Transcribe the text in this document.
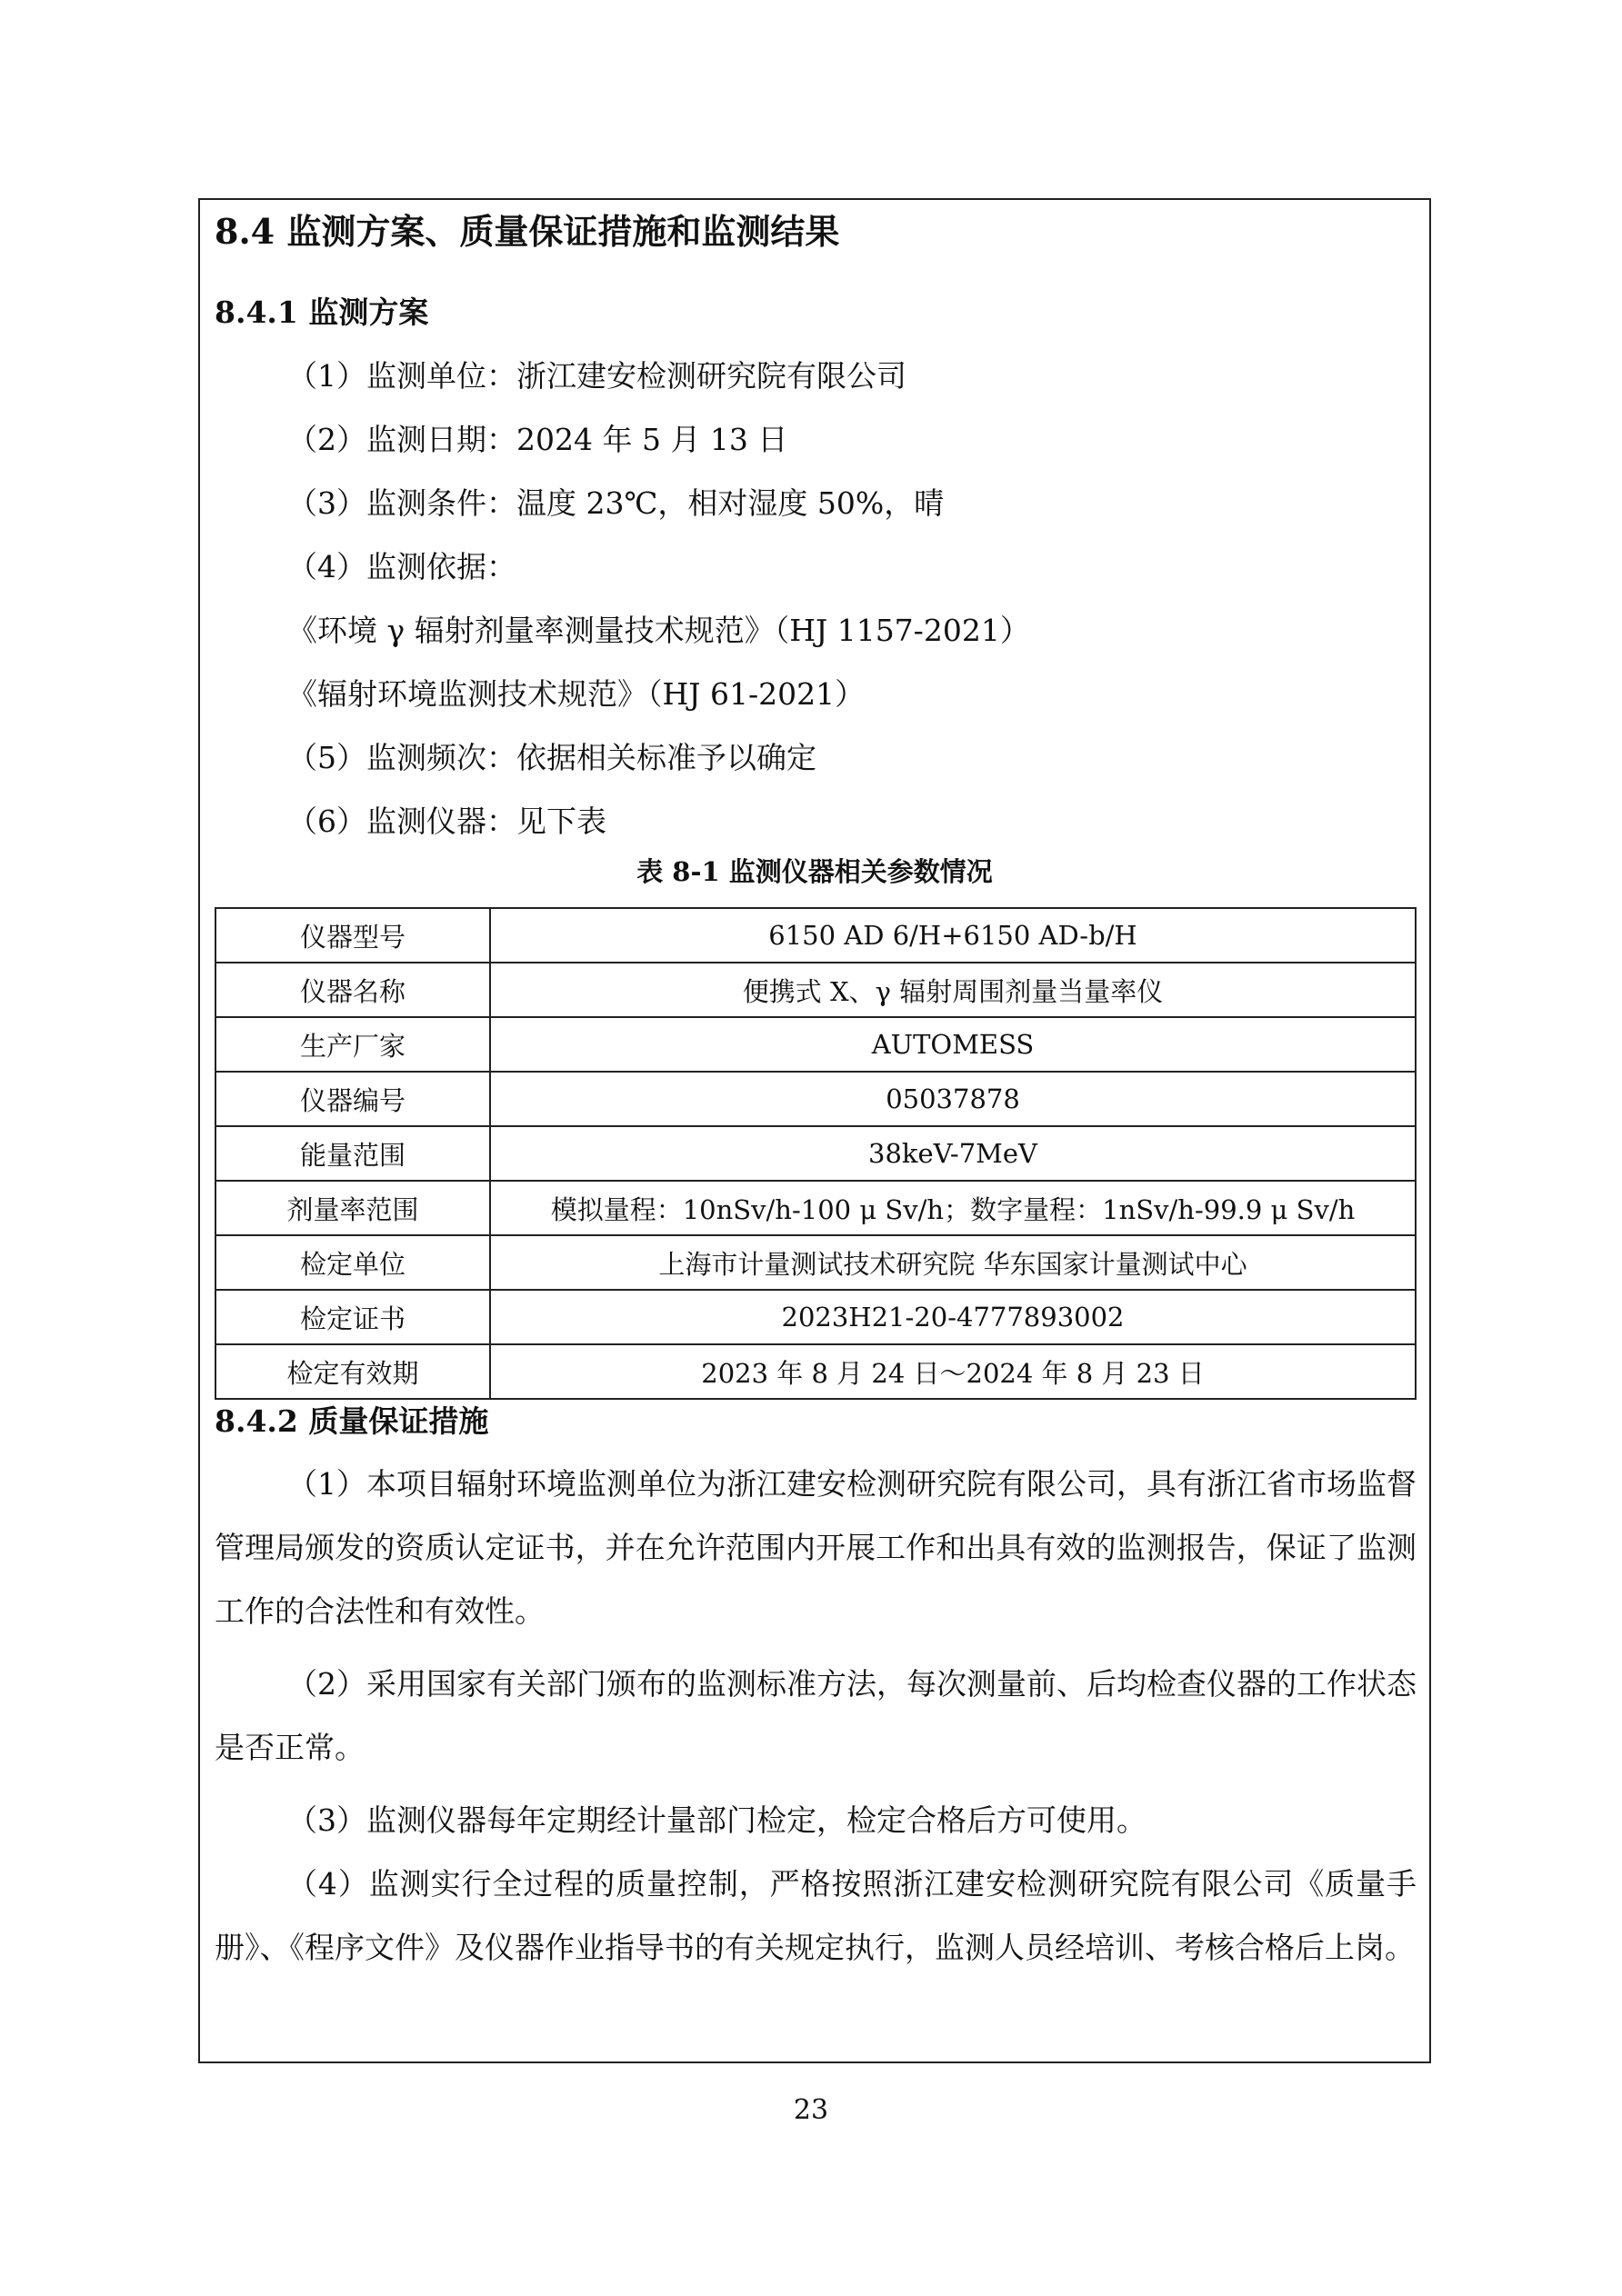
8.4 监测方案、质量保证措施和监测结果
8.4.1 监测方案
（1）监测单位：浙江建安检测研究院有限公司
（2）监测日期：2024 年 5 月 13 日
（3）监测条件：温度 23℃，相对湿度 50%，晴
（4）监测依据：
《环境 γ 辐射剂量率测量技术规范》（HJ 1157-2021）
《辐射环境监测技术规范》（HJ 61-2021）
（5）监测频次：依据相关标准予以确定
（6）监测仪器：见下表
表 8-1 监测仪器相关参数情况
仪器型号	6150 AD 6/H+6150 AD-b/H
仪器名称	便携式 X、γ 辐射周围剂量当量率仪
生产厂家	AUTOMESS
仪器编号	05037878
能量范围	38keV-7MeV
剂量率范围	模拟量程：10nSv/h-100 μ Sv/h；数字量程：1nSv/h-99.9 μ Sv/h
检定单位	上海市计量测试技术研究院 华东国家计量测试中心
检定证书	2023H21-20-4777893002
检定有效期	2023 年 8 月 24 日～2024 年 8 月 23 日
8.4.2 质量保证措施
（1）本项目辐射环境监测单位为浙江建安检测研究院有限公司，具有浙江省市场监督管理局颁发的资质认定证书，并在允许范围内开展工作和出具有效的监测报告，保证了监测工作的合法性和有效性。
（2）采用国家有关部门颁布的监测标准方法，每次测量前、后均检查仪器的工作状态是否正常。
（3）监测仪器每年定期经计量部门检定，检定合格后方可使用。
（4）监测实行全过程的质量控制，严格按照浙江建安检测研究院有限公司《质量手册》、《程序文件》及仪器作业指导书的有关规定执行，监测人员经培训、考核合格后上岗。
23
